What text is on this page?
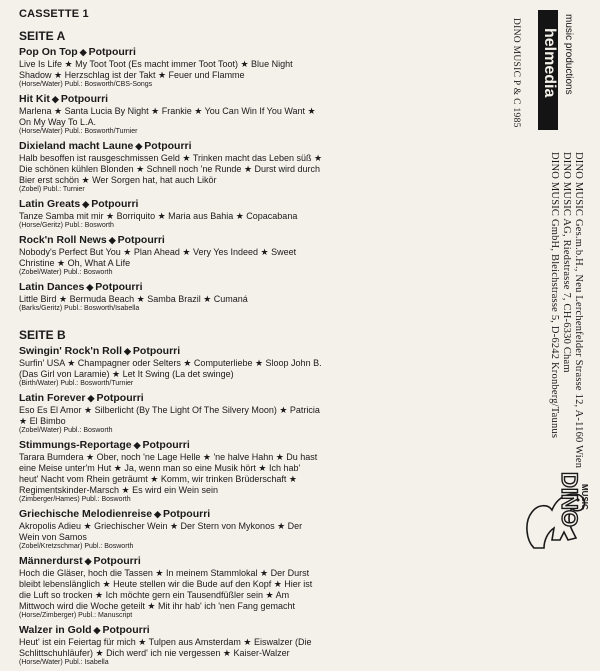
CASSETTE 1
SEITE A
Pop On Top ◆ Potpourri
Live Is Life ★ My Toot Toot (Es macht immer Toot Toot) ★ Blue Night
Shadow ★ Herzschlag ist der Takt ★ Feuer und Flamme
(Horse/Water) Publ.: Bosworth/CBS-Songs
Hit Kit ◆ Potpourri
Marlena ★ Santa Lucia By Night ★ Frankie ★ You Can Win If You Want ★
On My Way To L.A.
(Horse/Water) Publ.: Bosworth/Turnier
Dixieland macht Laune ◆ Potpourri
Halb besoffen ist rausgeschmissen Geld ★ Trinken macht das Leben süß ★
Die schönen kühlen Blonden ★ Schnell noch 'ne Runde ★ Durst wird durch
Bier erst schön ★ Wer Sorgen hat, hat auch Likör
(Zobel) Publ.: Turnier
Latin Greats ◆ Potpourri
Tanze Samba mit mir ★ Borriquito ★ Maria aus Bahia ★ Copacabana
(Horse/Geritz) Publ.: Bosworth
Rock'n Roll News ◆ Potpourri
Nobody's Perfect But You ★ Plan Ahead ★ Very Yes Indeed ★ Sweet
Christine ★ Oh, What A Life
(Zobel/Water) Publ.: Bosworth
Latin Dances ◆ Potpourri
Little Bird ★ Bermuda Beach ★ Samba Brazil ★ Cumaná
(Barks/Geritz) Publ.: Bosworth/Isabella
SEITE B
Swingin' Rock'n Roll ◆ Potpourri
Surfin' USA ★ Champagner oder Selters ★ Computerliebe ★ Sloop John B.
(Das Girl von Laramie) ★ Let It Swing (La det swinge)
(Birth/Water) Publ.: Bosworth/Turnier
Latin Forever ◆ Potpourri
Eso Es El Amor ★ Silberlicht (By The Light Of The Silvery Moon) ★ Patricia
★ El Bimbo
(Zobel/Water) Publ.: Bosworth
Stimmungs-Reportage ◆ Potpourri
Tarara Bumdera ★ Ober, noch 'ne Lage Helle ★ 'ne halve Hahn ★ Du hast
eine Meise unter'm Hut ★ Ja, wenn man so eine Musik hört ★ Ich hab'
heut' Nacht vom Rhein geträumt ★ Komm, wir trinken Brüderschaft ★
Regimentskinder-Marsch ★ Es wird ein Wein sein
(Zimberger/Hames) Publ.: Bosworth
Griechische Melodienreise ◆ Potpourri
Akropolis Adieu ★ Griechischer Wein ★ Der Stern von Mykonos ★ Der
Wein von Samos
(Zobel/Kretzschmar) Publ.: Bosworth
Männerdurst ◆ Potpourri
Hoch die Gläser, hoch die Tassen ★ In meinem Stammlokal ★ Der Durst
bleibt lebenslänglich ★ Heute stellen wir die Bude auf den Kopf ★ Hier ist
die Luft so trocken ★ Ich möchte gern ein Tausendfüßler sein ★ Am
Mittwoch wird die Woche geteilt ★ Mit ihr hab' ich 'nen Fang gemacht
(Horse/Zimberger) Publ.: Manuscript
Walzer in Gold ◆ Potpourri
Heut' ist ein Feiertag für mich ★ Tulpen aus Amsterdam ★ Eiswalzer (Die
Schlittschuhläufer) ★ Dich werd' ich nie vergessen ★ Kaiser-Walzer
(Horse/Water) Publ.: Isabella
DINO MUSIC P & C 1985 helmedia music productions
DINO MUSIC GmbH, Bleichstrasse 5, D-6242 Kronberg/Taunus DINO MUSIC AG, Riedstrasse 7, CH-6330 Cham DINO MUSIC Ges.m.b.H., Neu Lerchenfelder Strasse 12, A-1160 Wien
DINO
MUSIC
